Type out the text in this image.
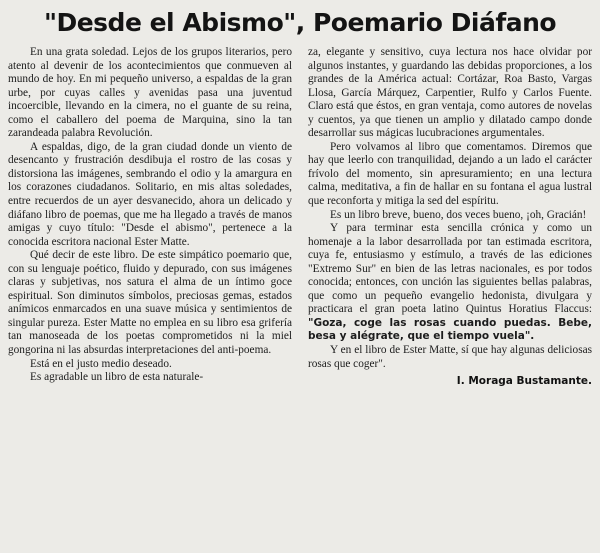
"Desde el Abismo", Poemario Diáfano

En una grata soledad. Lejos de los grupos literarios, pero atento al devenir de los acontecimientos que conmueven al mundo de hoy. En mi pequeño universo, a espaldas de la gran urbe, por cuyas calles y avenidas pasa una juventud incoercible, llevando en la cimera, no el guante de su reina, como el caballero del poema de Marquina, sino la tan zarandeada palabra Revolución.

A espaldas, digo, de la gran ciudad donde un viento de desencanto y frustración desdibuja el rostro de las cosas y distorsiona las imágenes, sembrando el odio y la amargura en los corazones ciudadanos. Solitario, en mis altas soledades, entre recuerdos de un ayer desvanecido, ahora un delicado y diáfano libro de poemas, que me ha llegado a través de manos amigas y cuyo título: "Desde el abismo", pertenece a la conocida escritora nacional Ester Matte.

Qué decir de este libro. De este simpático poemario que, con su lenguaje poético, fluido y depurado, con sus imágenes claras y subjetivas, nos satura el alma de un íntimo goce espiritual. Son diminutos símbolos, preciosas gemas, estados anímicos enmarcados en una suave música y sentimientos de singular pureza. Ester Matte no emplea en su libro esa grifería tan manoseada de los poetas comprometidos ni la miel gongorina ni las absurdas interpretaciones del anti-poema.

Está en el justo medio deseado.

Es agradable un libro de esta naturale-

za, elegante y sensitivo, cuya lectura nos hace olvidar por algunos instantes, y guardando las debidas proporciones, a los grandes de la América actual: Cortázar, Roa Basto, Vargas Llosa, García Márquez, Carpentier, Rulfo y Carlos Fuente. Claro está que éstos, en gran ventaja, como autores de novelas y cuentos, ya que tienen un amplio y dilatado campo donde desarrollar sus mágicas lucubraciones argumentales.

Pero volvamos al libro que comentamos. Diremos que hay que leerlo con tranquilidad, dejando a un lado el carácter frívolo del momento, sin apresuramiento; en una lectura calma, meditativa, a fin de hallar en su fontana el agua lustral que reconforta y mitiga la sed del espíritu.

Es un libro breve, bueno, dos veces bueno, ¡oh, Gracián!

Y para terminar esta sencilla crónica y como un homenaje a la labor desarrollada por tan estimada escritora, cuya fe, entusiasmo y estímulo, a través de las ediciones "Extremo Sur" en bien de las letras nacionales, es por todos conocida; entonces, con unción las siguientes bellas palabras, que como un pequeño evangelio hedonista, divulgara y practicara el gran poeta latino Quintus Horatius Flaccus: "Goza, coge las rosas cuando puedas. Bebe, besa y alégrate, que el tiempo vuela".

Y en el libro de Ester Matte, sí que hay algunas deliciosas rosas que coger".

I. Moraga Bustamante.
